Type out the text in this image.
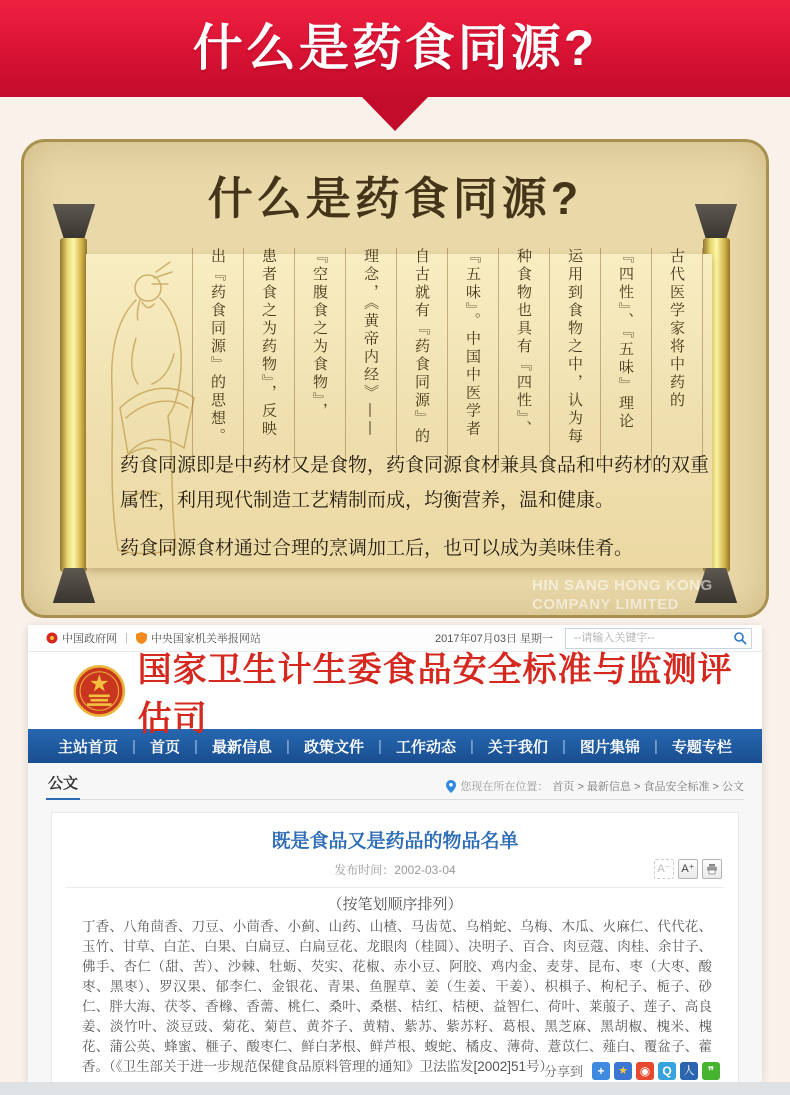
什么是药食同源?
什么是药食同源?
古代医学家将中药的
『四性』、『五味』理论
运用到食物之中，认为每
种食物也具有『四性』、
『五味』。中国中医学者
自古就有『药食同源』的
理念，《黄帝内经》——
『空腹食之为食物』，
患者食之为药物』，反映
出『药食同源』的思想。

药食同源即是中药材又是食物，药食同源食材兼具食品和中药材的双重属性，利用现代制造工艺精制而成，均衡营养，温和健康。

药食同源食材通过合理的烹调加工后，也可以成为美味佳肴。

HIN SANG HONG KONG
COMPANY LIMITED
中国政府网 | 中央国家机关举报网站	2017年07月03日 星期一
--请输入关键字--
国家卫生计生委食品安全标准与监测评估司
主站首页 | 首页 | 最新信息 | 政策文件 | 工作动态 | 关于我们 | 图片集锦 | 专题专栏
公文	您现在所在位置： 首页 > 最新信息 > 食品安全标准 > 公文
既是食品又是药品的物品名单
发布时间：2002-03-04	A⁻ A⁺
（按笔划顺序排列）
丁香、八角茴香、刀豆、小茴香、小蓟、山药、山楂、马齿苋、乌梢蛇、乌梅、木瓜、火麻仁、代代花、玉竹、甘草、白芷、白果、白扁豆、白扁豆花、龙眼肉（桂圆）、决明子、百合、肉豆蔻、肉桂、余甘子、佛手、杏仁（甜、苦）、沙棘、牡蛎、芡实、花椒、赤小豆、阿胶、鸡内金、麦芽、昆布、枣（大枣、酸枣、黑枣）、罗汉果、郁李仁、金银花、青果、鱼腥草、姜（生姜、干姜）、枳椇子、枸杞子、栀子、砂仁、胖大海、茯苓、香橼、香薷、桃仁、桑叶、桑椹、桔红、桔梗、益智仁、荷叶、莱菔子、莲子、高良姜、淡竹叶、淡豆豉、菊花、菊苣、黄芥子、黄精、紫苏、紫苏籽、葛根、黑芝麻、黑胡椒、槐米、槐花、蒲公英、蜂蜜、榧子、酸枣仁、鲜白茅根、鲜芦根、蝮蛇、橘皮、薄荷、薏苡仁、薤白、覆盆子、藿香。（《卫生部关于进一步规范保健食品原料管理的通知》卫法监发[2002]51号）
分享到	+	★ ◉	Q	人	❞
